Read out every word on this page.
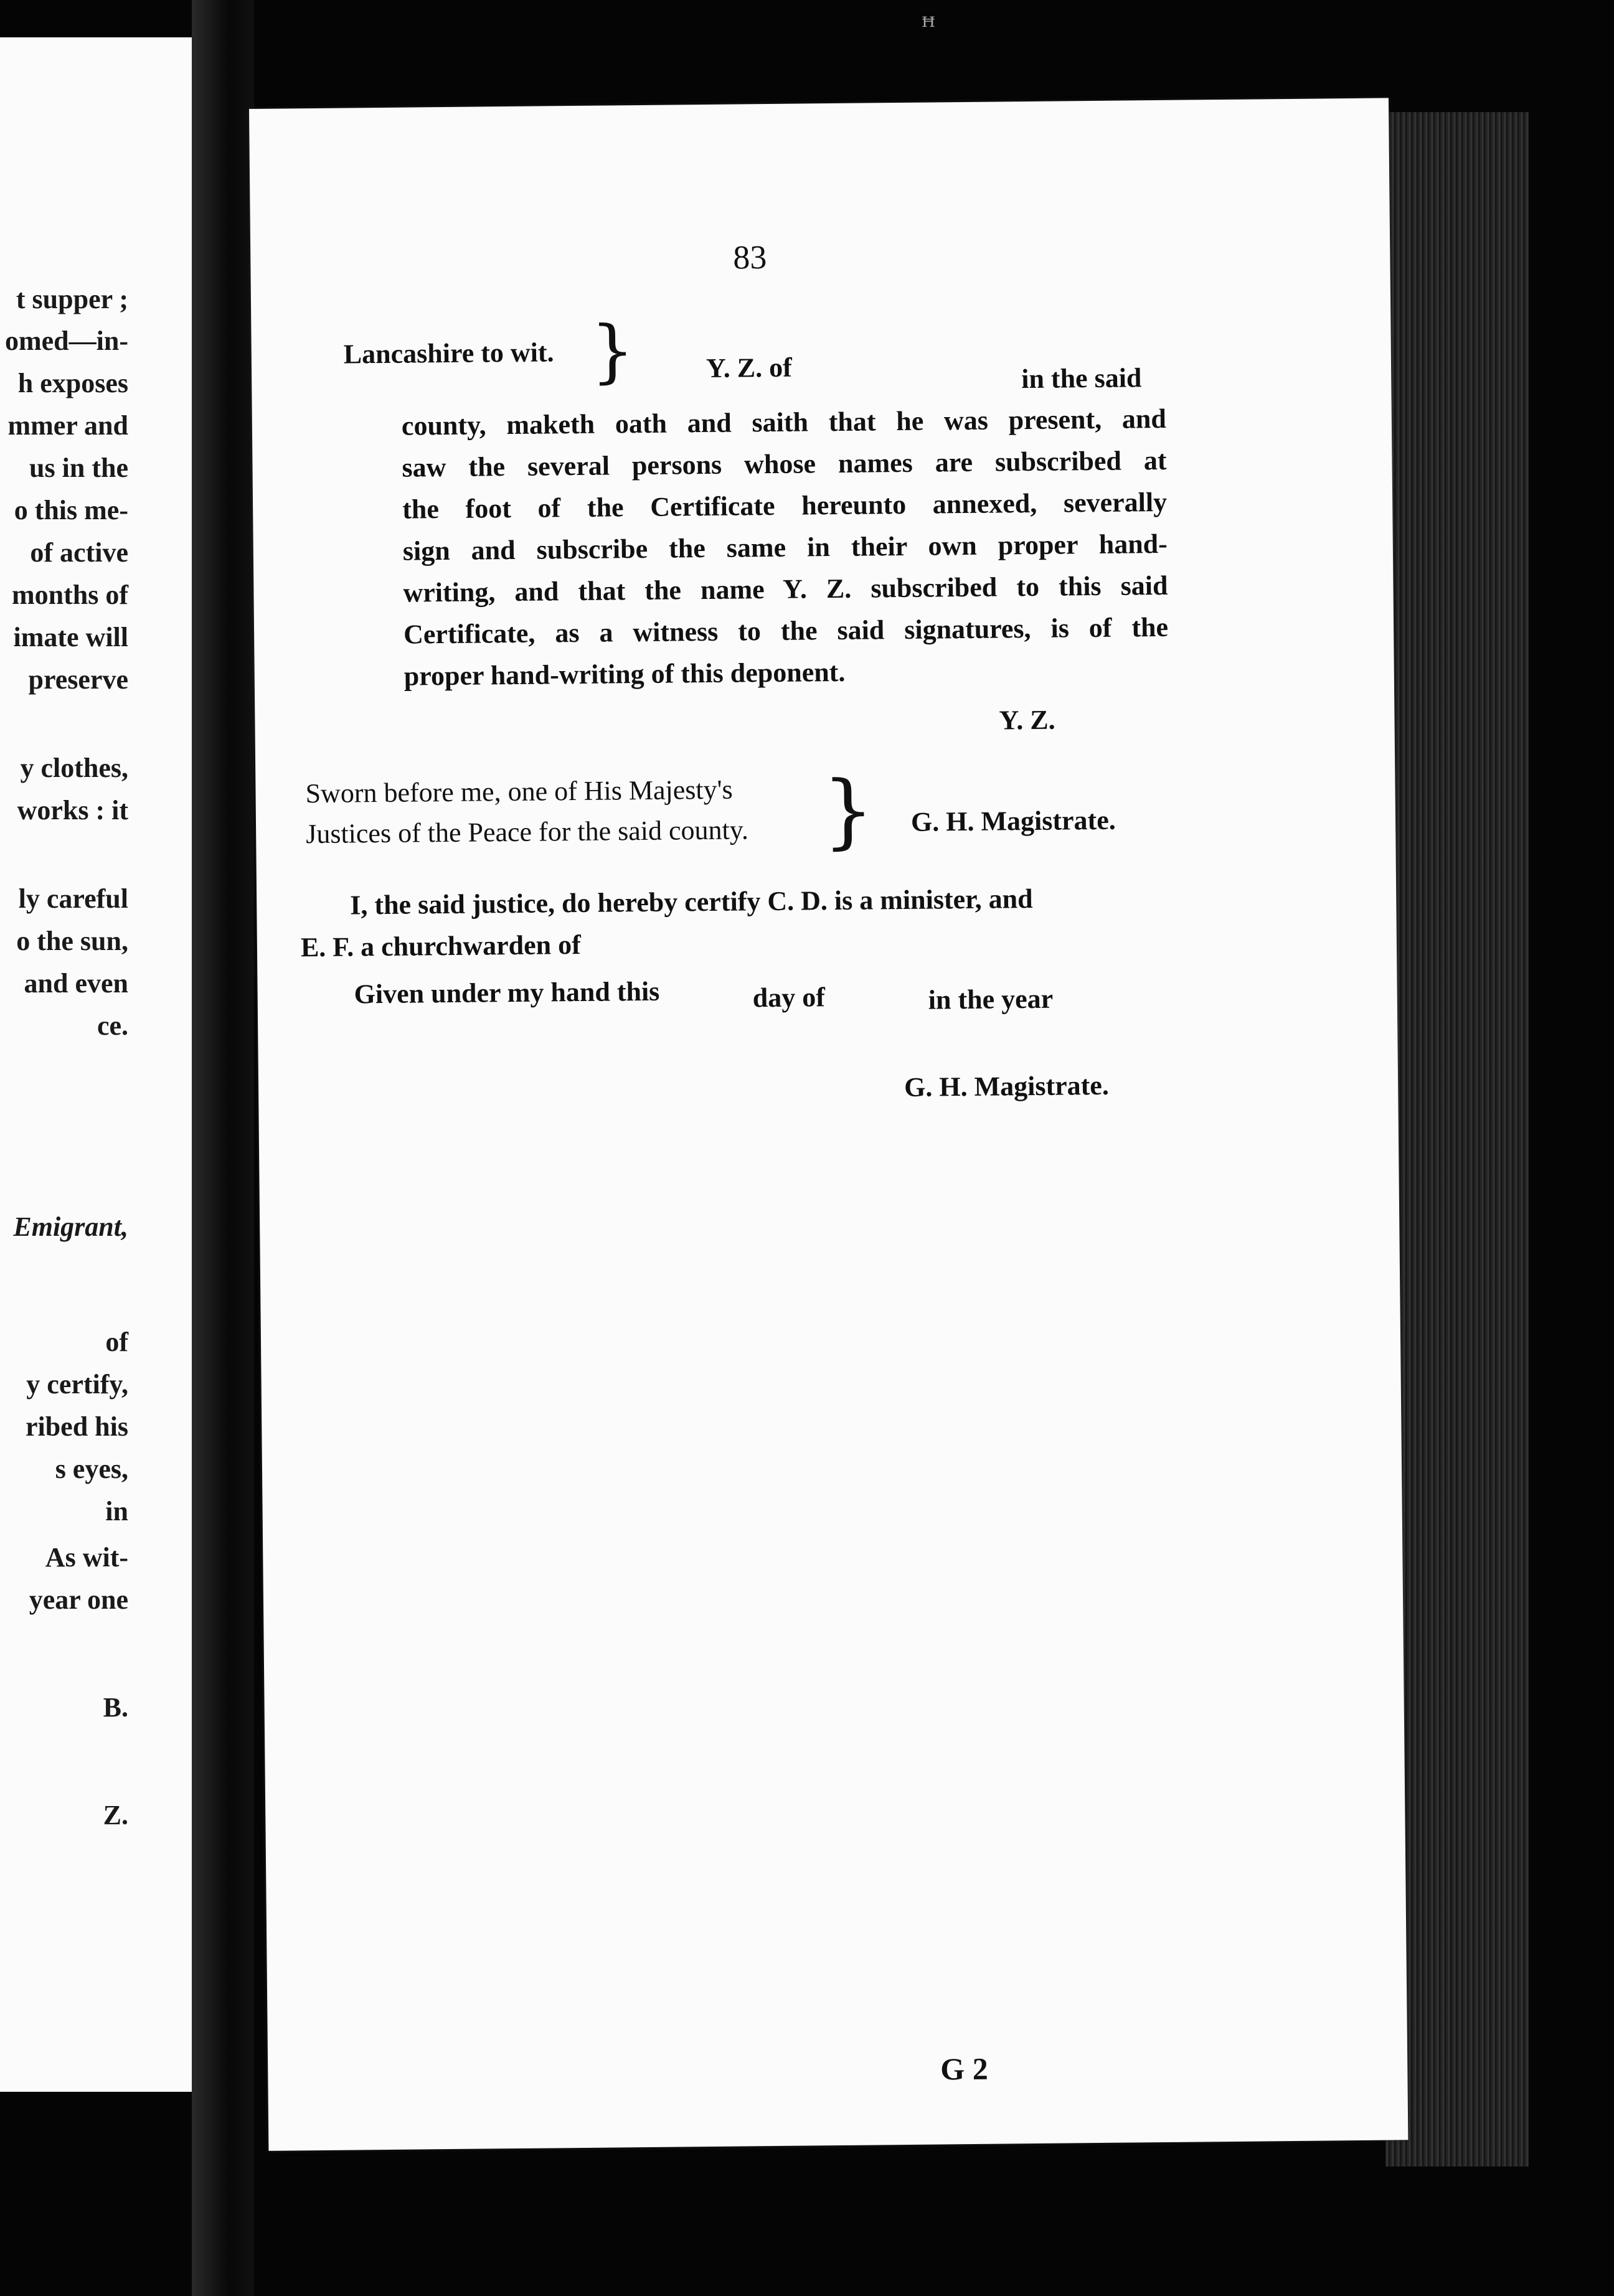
t supper ;
omed—in-
h exposes
mmer and
us in the
o this me-
of active
months of
imate will
preserve
y clothes,
works : it
ly careful
o the sun,
and even
ce.
Emigrant,
of
y certify,
ribed his
s eyes,
in
As wit-
year one
B.
Z.
83
Lancashire to wit. }	Y. Z. of	in the said
county, maketh oath and saith that he was present, and
saw the several persons whose names are subscribed at
the foot of the Certificate hereunto annexed, severally
sign and subscribe the same in their own proper hand-
writing, and that the name Y. Z. subscribed to this said
Certificate, as a witness to the said signatures, is of the
proper hand-writing of this deponent.
Y. Z.
Sworn before me, one of His Majesty's
Justices of the Peace for the said county. } G. H. Magistrate.
I, the said justice, do hereby certify C. D. is a minister, and
E. F. a churchwarden of
Given under my hand this	day of	in the year
G. H. Magistrate.
G 2
ꟸ
